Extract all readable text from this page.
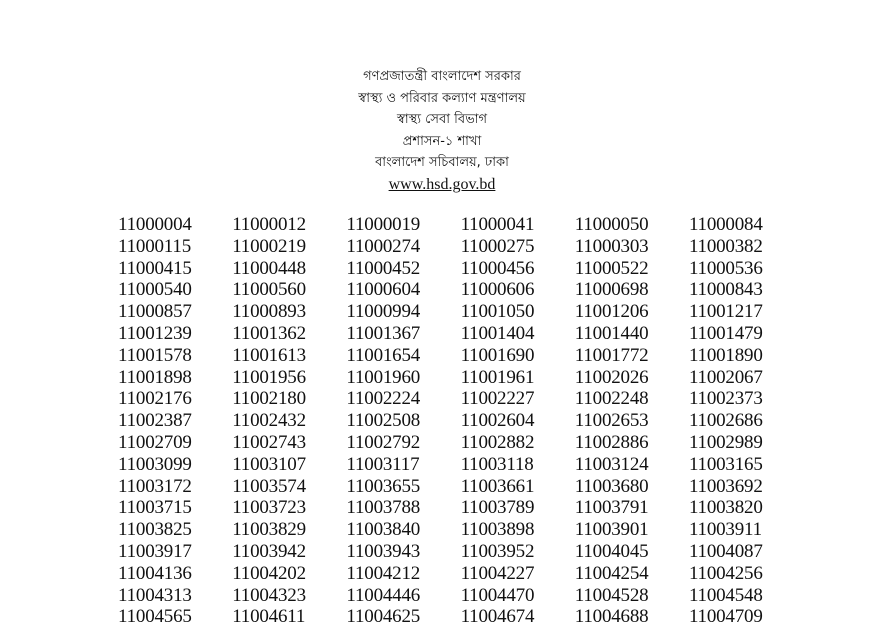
গণপ্রজাতন্ত্রী বাংলাদেশ সরকার
স্বাস্থ্য ও পরিবার কল্যাণ মন্ত্রণালয়
স্বাস্থ্য সেবা বিভাগ
প্রশাসন-১ শাখা
বাংলাদেশ সচিবালয়, ঢাকা
www.hsd.gov.bd
11000004	11000012	11000019	11000041	11000050	11000084
11000115	11000219	11000274	11000275	11000303	11000382
11000415	11000448	11000452	11000456	11000522	11000536
11000540	11000560	11000604	11000606	11000698	11000843
11000857	11000893	11000994	11001050	11001206	11001217
11001239	11001362	11001367	11001404	11001440	11001479
11001578	11001613	11001654	11001690	11001772	11001890
11001898	11001956	11001960	11001961	11002026	11002067
11002176	11002180	11002224	11002227	11002248	11002373
11002387	11002432	11002508	11002604	11002653	11002686
11002709	11002743	11002792	11002882	11002886	11002989
11003099	11003107	11003117	11003118	11003124	11003165
11003172	11003574	11003655	11003661	11003680	11003692
11003715	11003723	11003788	11003789	11003791	11003820
11003825	11003829	11003840	11003898	11003901	11003911
11003917	11003942	11003943	11003952	11004045	11004087
11004136	11004202	11004212	11004227	11004254	11004256
11004313	11004323	11004446	11004470	11004528	11004548
11004565	11004611	11004625	11004674	11004688	11004709
